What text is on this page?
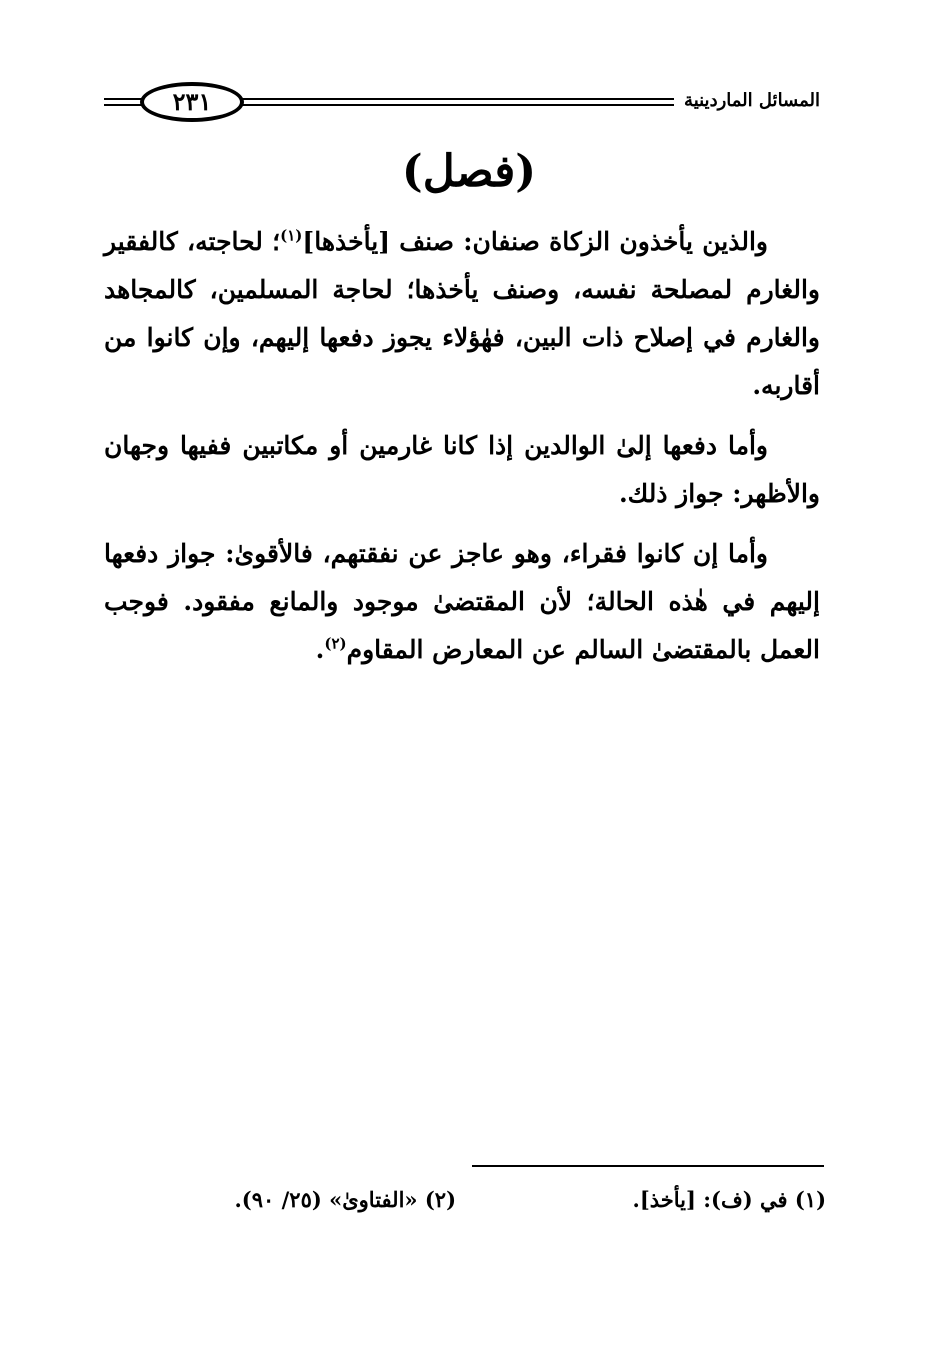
٢٣١	المسائل الماردينية
(فصل)

والذين يأخذون الزكاة صنفان: صنف [يأخذها]$^{(١)}$؛ لحاجته، كالفقير والغارم لمصلحة نفسه، وصنف يأخذها؛ لحاجة المسلمين، كالمجاهد والغارم في إصلاح ذات البين، فهٰؤلاء يجوز دفعها إليهم، وإن كانوا من أقاربه.

وأما دفعها إلىٰ الوالدين إذا كانا غارمين أو مكاتبين ففيها وجهان والأظهر: جواز ذلك.

وأما إن كانوا فقراء، وهو عاجز عن نفقتهم، فالأقوىٰ: جواز دفعها إليهم في هٰذه الحالة؛ لأن المقتضىٰ موجود والمانع مفقود. فوجب العمل بالمقتضىٰ السالم عن المعارض المقاوم$^{(٢)}$.

(١) في (ف): [يأخذ].
(٢) «الفتاوىٰ» (٢٥/ ٩٠).
